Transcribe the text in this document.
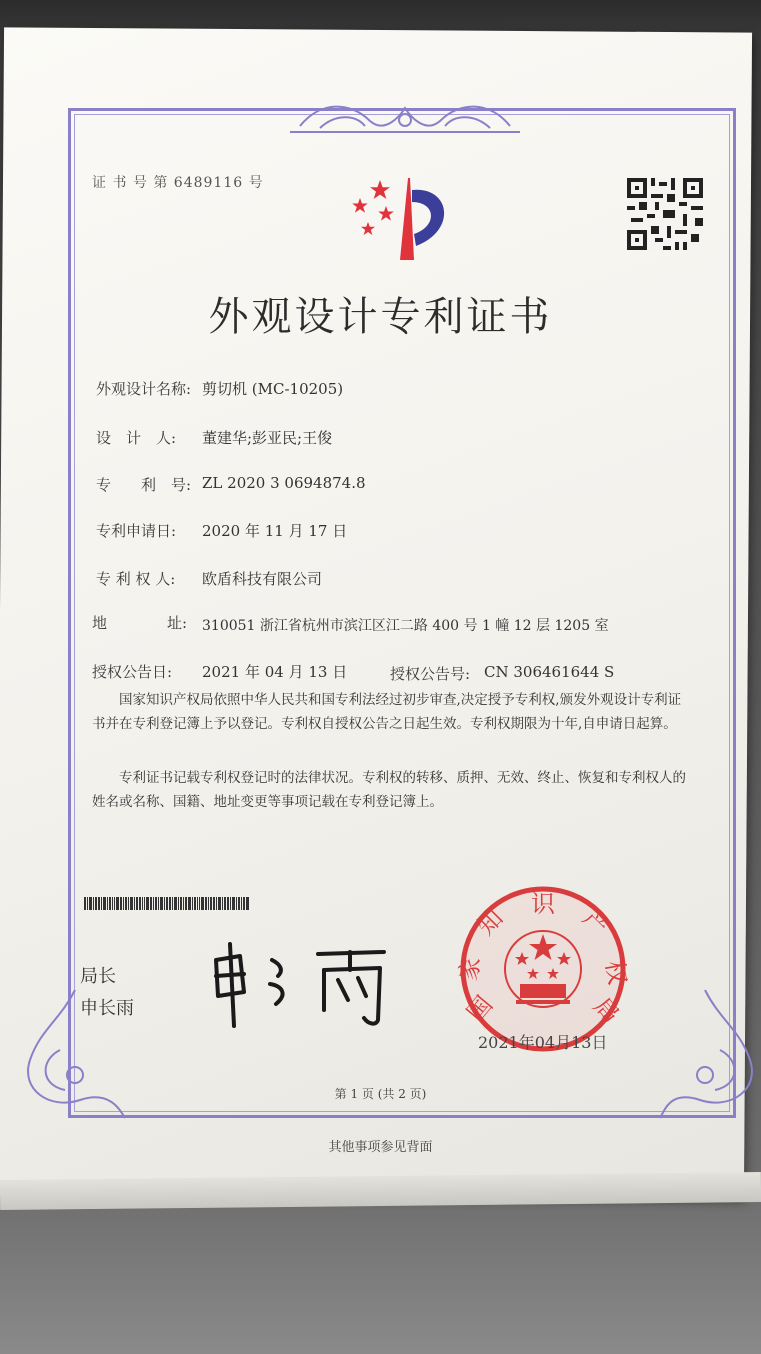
证 书 号 第 6489116 号
外观设计专利证书
外观设计名称: 剪切机 (MC-10205)
设　计　人: 董建华;彭亚民;王俊
专　　利　号: ZL 2020 3 0694874.8
专利申请日: 2020 年 11 月 17 日
专 利 权 人: 欧盾科技有限公司
地　　　　址: 310051 浙江省杭州市滨江区江二路 400 号 1 幢 12 层 1205 室
授权公告日: 2021 年 04 月 13 日	授权公告号: CN 306461644 S
国家知识产权局依照中华人民共和国专利法经过初步审查,决定授予专利权,颁发外观设计专利证书并在专利登记簿上予以登记。专利权自授权公告之日起生效。专利权期限为十年,自申请日起算。
专利证书记载专利权登记时的法律状况。专利权的转移、质押、无效、终止、恢复和专利权人的姓名或名称、国籍、地址变更等事项记载在专利登记簿上。
局长
申长雨	国
家
知 识 产
权
局
2021年04月13日
第 1 页 (共 2 页)
其他事项参见背面
